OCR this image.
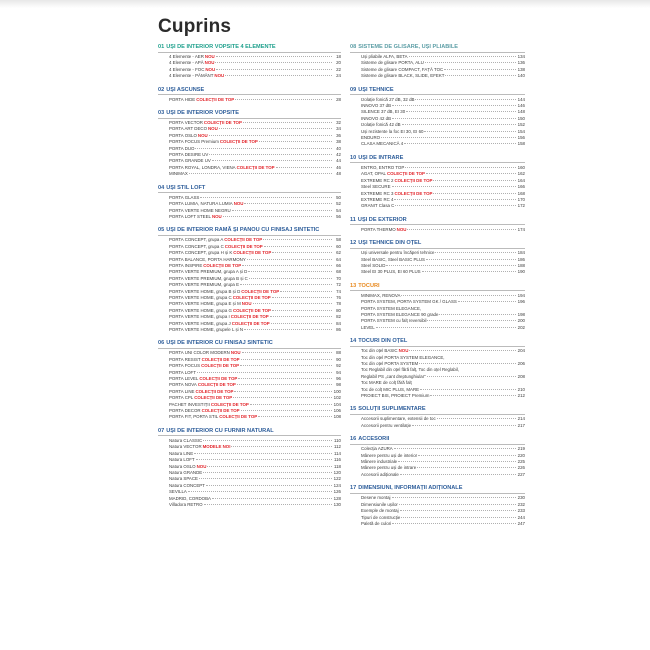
Cuprins
01 UȘI DE INTERIOR VOPSITE 4 ELEMENTE
4 Elemente - AERNOU	18
4 Elemente - APĂNOU	20
4 Elemente - FOCNOU	22
4 Elemente - PĂMÂNTNOU	24
02 UȘI ASCUNSE
PORTA HIDECOLECȚII DE TOP	28
03 UȘI DE INTERIOR VOPSITE
PORTA VECTORCOLECȚII DE TOP	32
PORTA ART DECONOU	34
PORTA OSLONOU	36
PORTA FOCUS PremiumCOLECȚII DE TOP	38
PORTA DUO	40
PORTA DESIRE UV	42
PORTA GRANDE UV	44
PORTA ROYAL, LONDRA, VIENACOLECȚII DE TOP	46
MINIMAX	48
04 UȘI STIL LOFT
PORTA GLASS	50
PORTA LUMIA, NATURA LUMIANOU	52
PORTA VERTE HOME NEGRU	54
PORTA LOFT STEELNOU	56
05 UȘI DE INTERIOR RAMĂ ȘI PANOU CU FINISAJ SINTETIC
PORTA CONCEPT, grupa ACOLECȚII DE TOP	58
PORTA CONCEPT, grupa CCOLECȚII DE TOP	60
PORTA CONCEPT, grupa H și KCOLECȚII DE TOP	62
PORTA BALANCE, PORTA HARMONY	64
PORTA INSPIRECOLECȚII DE TOP	66
PORTA VERTE PREMIUM, grupa A și D	68
PORTA VERTE PREMIUM, grupa B și C	70
PORTA VERTE PREMIUM, grupa E	72
PORTA VERTE HOME, grupa B și DCOLECȚII DE TOP	74
PORTA VERTE HOME, grupa CCOLECȚII DE TOP	76
PORTA VERTE HOME, grupa E și MNOU	78
PORTA VERTE HOME, grupa GCOLECȚII DE TOP	80
PORTA VERTE HOME, grupa ICOLECȚII DE TOP	82
PORTA VERTE HOME, grupa JCOLECȚII DE TOP	84
PORTA VERTE HOME, grupele L și N	86
06 UȘI DE INTERIOR CU FINISAJ SINTETIC
PORTA UNI COLOR MODERNNOU	88
PORTA RESISTCOLECȚII DE TOP	90
PORTA FOCUSCOLECȚII DE TOP	92
PORTA LOFT	94
PORTA LEVELCOLECȚII DE TOP	96
PORTA NOVACOLECȚII DE TOP	98
PORTA LINECOLECȚII DE TOP	100
PORTA CPLCOLECȚII DE TOP	102
PACHET INVESTIȚIICOLECȚII DE TOP	104
PORTA DECORCOLECȚII DE TOP	106
PORTA FIT, PORTA STILCOLECȚII DE TOP	108
07 UȘI DE INTERIOR CU FURNIR NATURAL
Natura CLASSIC	110
Natura VECTORMODELE NOI	112
Natura LINE	114
Natura LOFT	116
Natura OSLONOU	118
Natura GRANDE	120
Natura SPACE	122
Natura CONCEPT	124
SEVILLA	126
MADRID, CORDOBA	128
Villadora RETRO	130
08 SISTEME DE GLISARE, UȘI PLIABILE
Uși pliabile ALFA, BETA	134
Sisteme de glisare PORTA, ALU	136
Sisteme de glisare COMPACT, FAȚĂ TOC	138
Sisteme de glisare BLACK, SLIDE, EFEKT	140
09 UȘI TEHNICE
Izolație fonică 27 dB, 32 dB	144
INNOVO 37 dB	146
SILENCE 37 dB, EI 30	148
INNOVO 42 dB	150
Izolație fonică 42 dB	152
Uși rezistente la foc EI 30, EI 60	154
ENDURO	156
CLASA MECANICĂ 4	158
10 UȘI DE INTRARE
ENTRO, ENTRO TOP	160
AGAT, OPALCOLECȚII DE TOP	162
EXTREME RC 2COLECȚII DE TOP	164
Steel SECURE	166
EXTREME RC 3COLECȚII DE TOP	168
EXTREME RC 4	170
GRANIT Clasa C	172
11 UȘI DE EXTERIOR
PORTA THERMONOU	174
12 UȘI TEHNICE DIN OȚEL
Uși universale pentru încăperi tehnice	184
Steel BASIC, Steel BASIC PLUS	186
Steel SOLID	188
Steel EI 30 PLUS, EI 60 PLUS	190
13 TOCURI
MINIMAX, RENOVA	194
PORTA SYSTEM, PORTA SYSTEM GK / GLASS	196
PORTA SYSTEM ELEGANCE,
PORTA SYSTEM ELEGANCE 90 grade	198
PORTA SYSTEM cu falț reversibil	200
LEVEL	202
14 TOCURI DIN OȚEL
Toc din oțel BASICNOU	204
Toc din oțel PORTA SYSTEM ELEGANCE,
Toc din oțel PORTA SYSTEM	206
Toc Reglabil din oțel fără falț, Toc din oțel Reglabil,
Reglabil PS „cant dreptunghiular”	208
Toc MARE de colț fără falț
Toc de colț MIC PLUS, MARE	210
PROIECT BIS, PROIECT Premium	212
15 SOLUȚII SUPLIMENTARE
Accesorii suplimentare, extensii de toc	214
Accesorii pentru ventilație	217
16 ACCESORII
Colecția AZURA	219
Mânere pentru uși de interior	220
Mânere industriale	225
Mânere pentru uși de intrare	226
Accesorii adiționale	227
17 DIMENSIUNI, INFORMAȚII ADIȚIONALE
Desene montaj	230
Dimensiunile ușilor	232
Exemple de montaj	233
Tipuri de construcție	244
Paletă de culori	247
